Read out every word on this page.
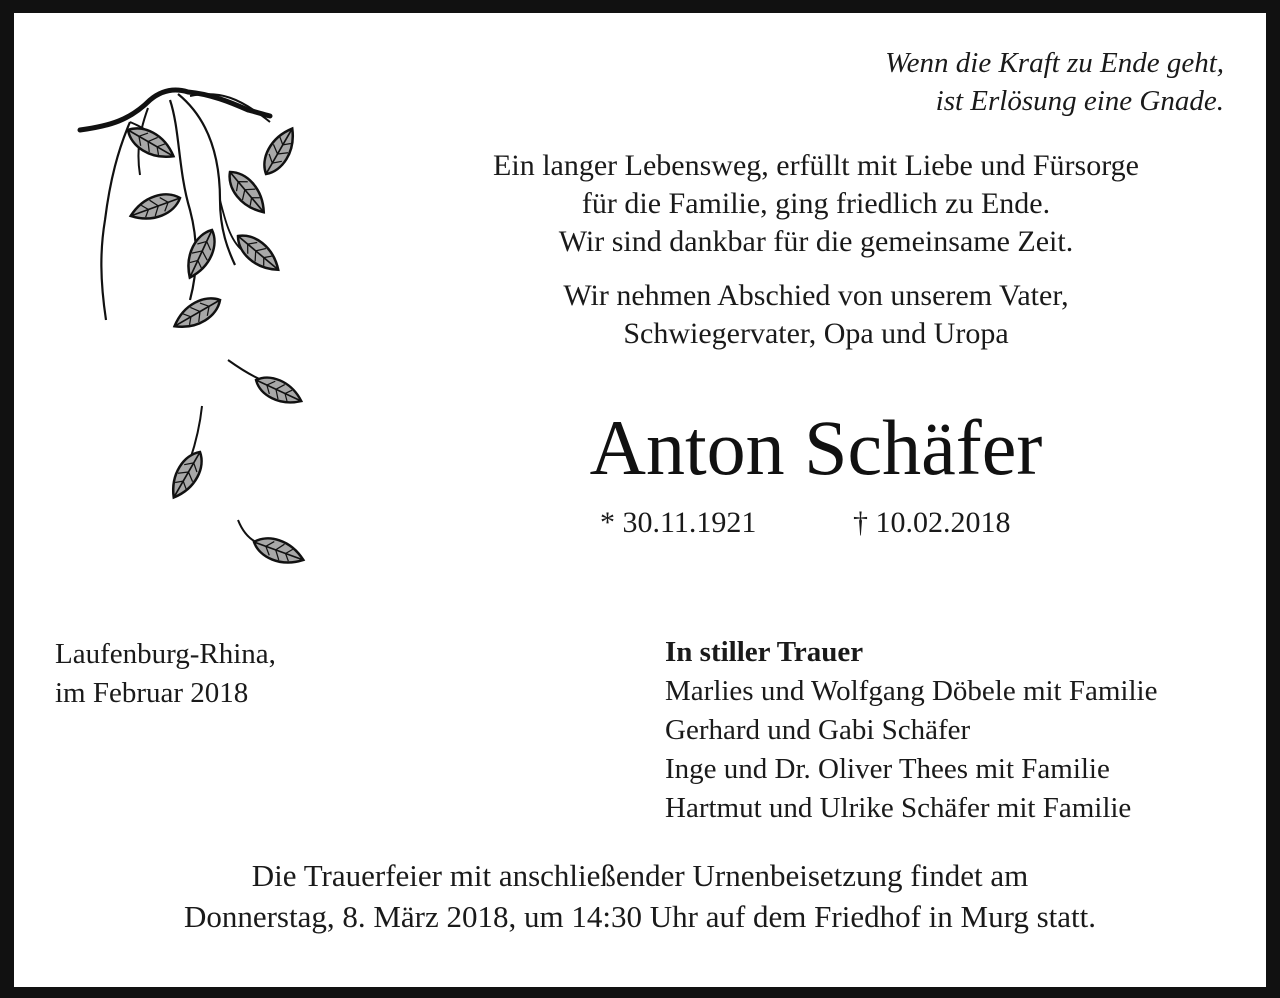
Wenn die Kraft zu Ende geht,
ist Erlösung eine Gnade.
Ein langer Lebensweg, erfüllt mit Liebe und Fürsorge
für die Familie, ging friedlich zu Ende.
Wir sind dankbar für die gemeinsame Zeit.
Wir nehmen Abschied von unserem Vater,
Schwiegervater, Opa und Uropa
Anton Schäfer
* 30.11.1921	† 10.02.2018
Laufenburg-Rhina,
im Februar 2018
In stiller Trauer
Marlies und Wolfgang Döbele mit Familie
Gerhard und Gabi Schäfer
Inge und Dr. Oliver Thees mit Familie
Hartmut und Ulrike Schäfer mit Familie
Die Trauerfeier mit anschließender Urnenbeisetzung findet am
Donnerstag, 8. März 2018, um 14:30 Uhr auf dem Friedhof in Murg statt.
